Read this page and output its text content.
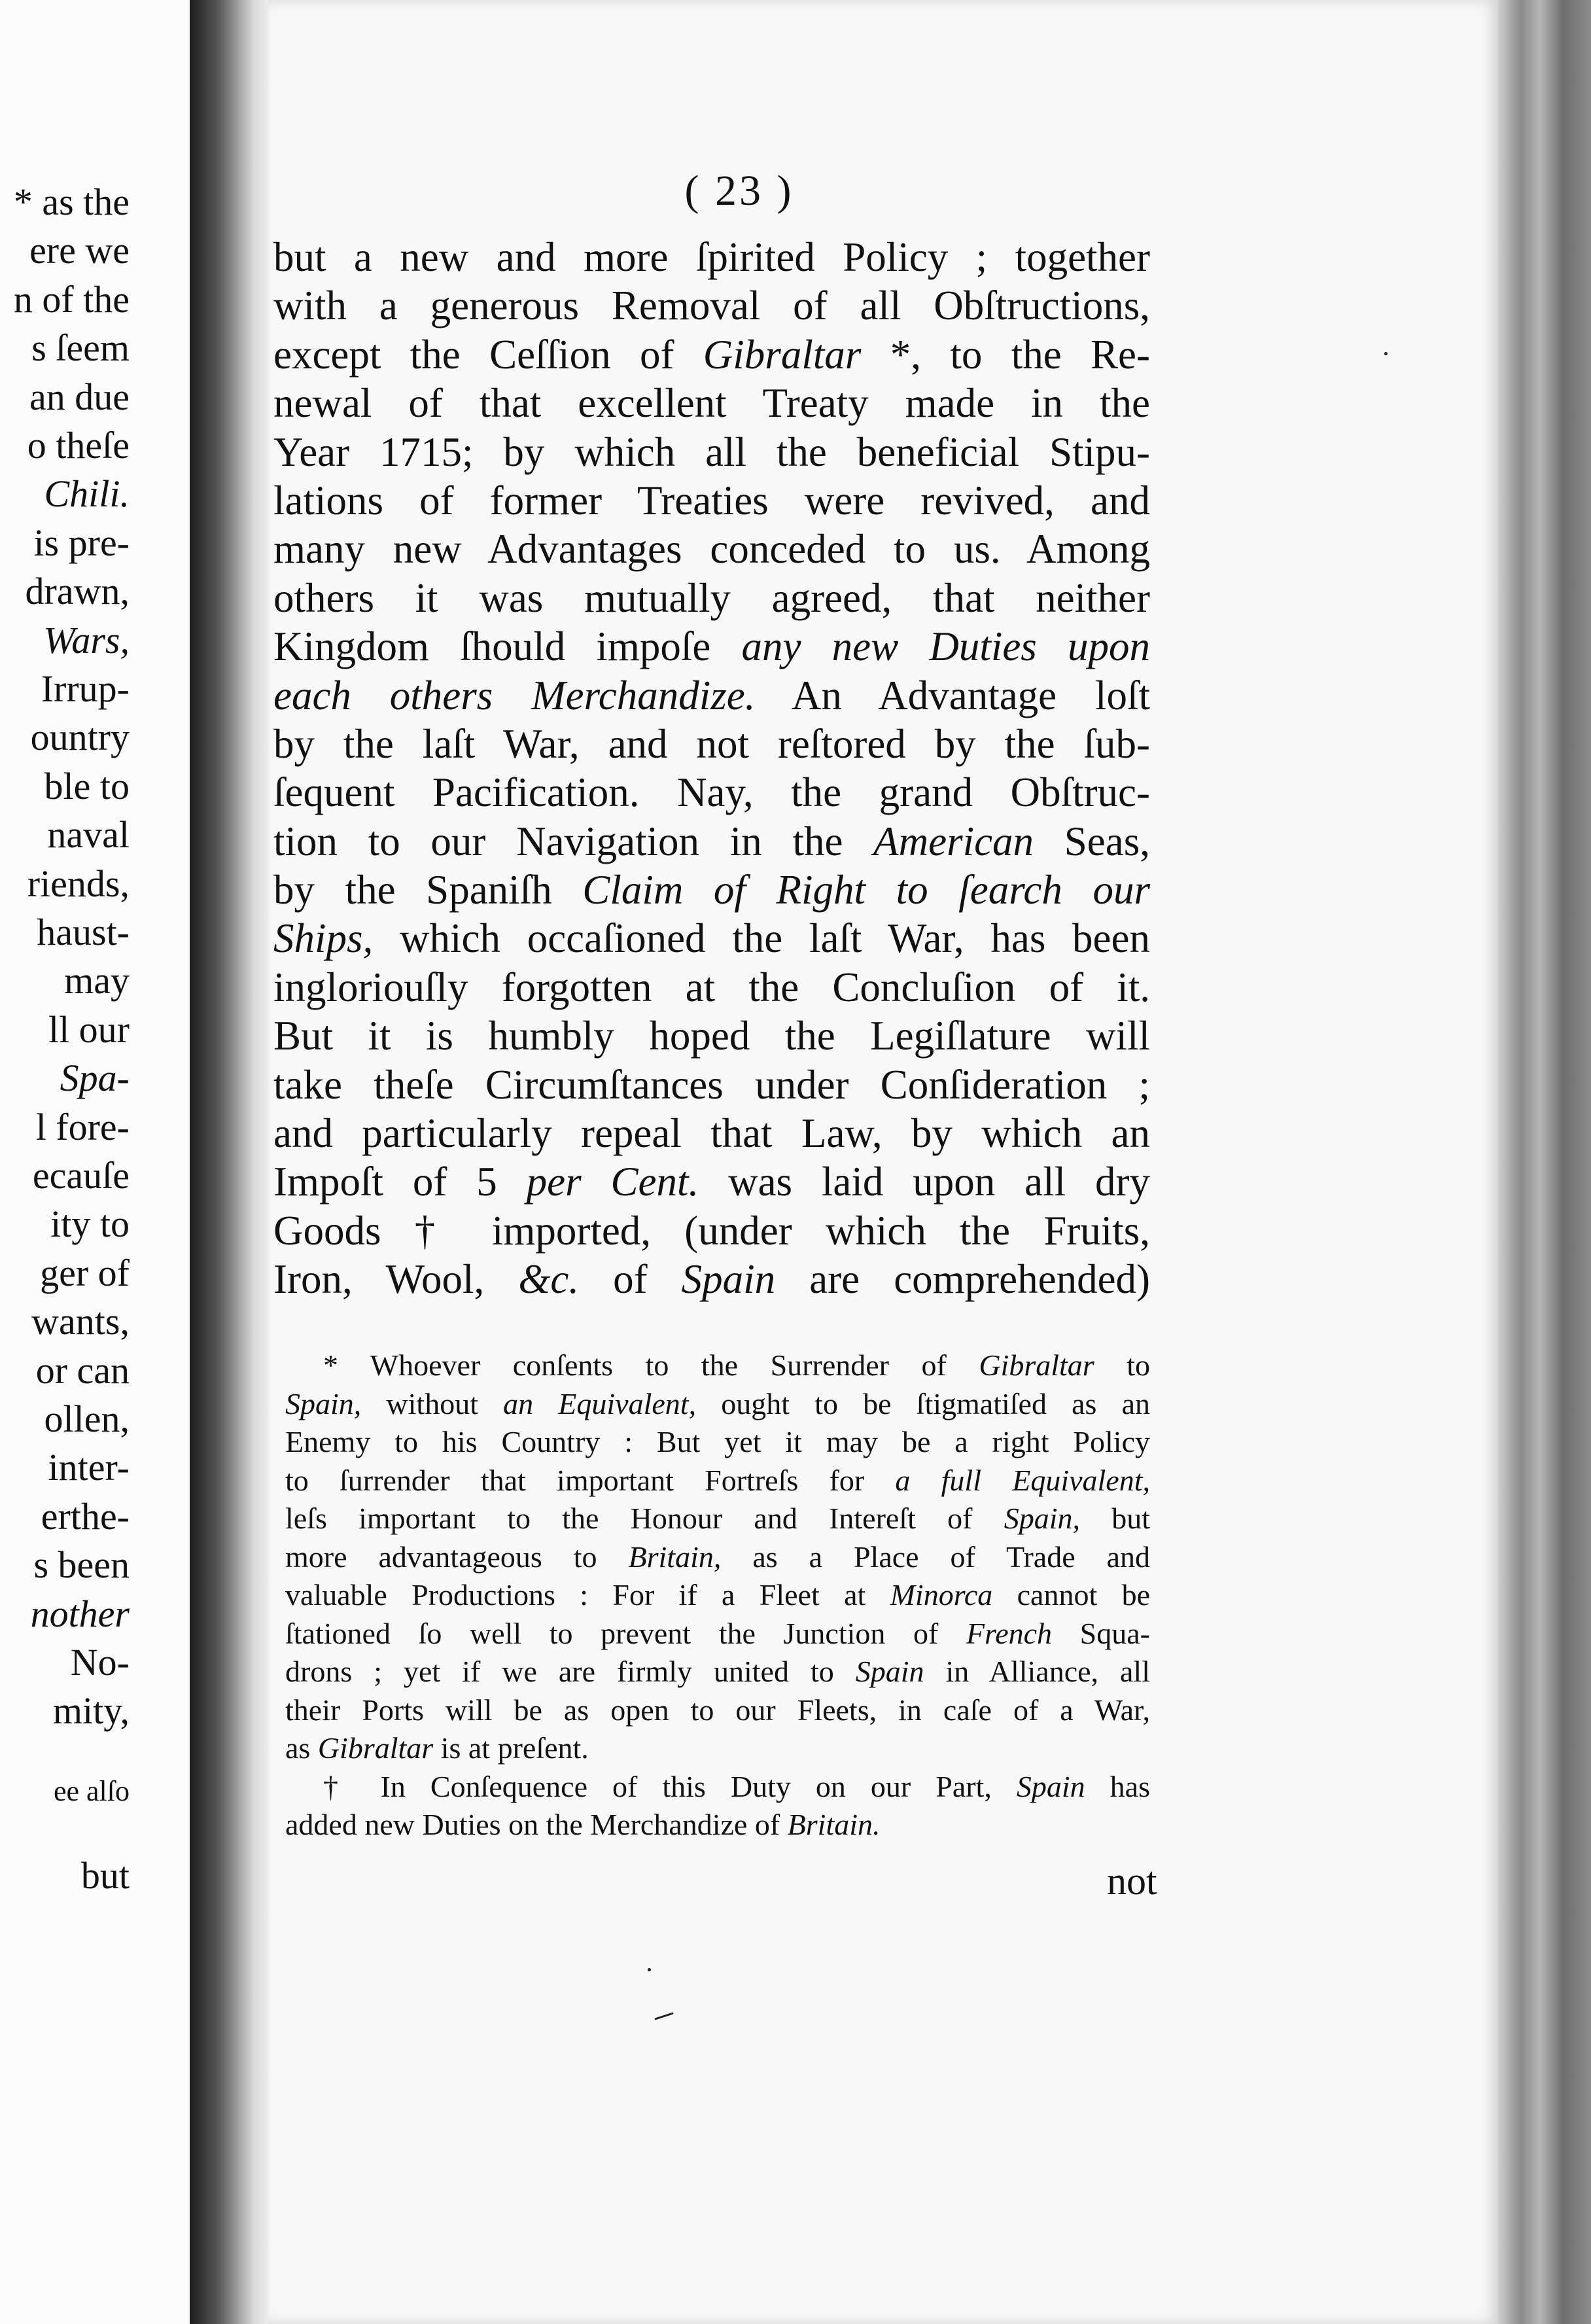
* as the
ere we
n of the
s ſeem
an due
o theſe
Chili.
is pre-
drawn,
Wars,
Irrup-
ountry
ble to
naval
riends,
haust-
may
ll our
Spa-
l fore-
ecauſe
ity to
ger of
wants,
or can
ollen,
inter-
erthe-
s been
nother
No-
mity,
ee alſo
but
( 23 )
but a new and more ſpirited Policy ; together
with a generous Removal of all Obſtructions,
except the Ceſſion of Gibraltar *, to the Re-
newal of that excellent Treaty made in the
Year 1715; by which all the beneficial Stipu-
lations of former Treaties were revived, and
many new Advantages conceded to us. Among
others it was mutually agreed, that neither
Kingdom ſhould impoſe any new Duties upon
each others Merchandize. An Advantage loſt
by the laſt War, and not reſtored by the ſub-
ſequent Pacification. Nay, the grand Obſtruc-
tion to our Navigation in the American Seas,
by the Spaniſh Claim of Right to ſearch our
Ships, which occaſioned the laſt War, has been
ingloriouſly forgotten at the Concluſion of it.
But it is humbly hoped the Legiſlature will
take theſe Circumſtances under Conſideration ;
and particularly repeal that Law, by which an
Impoſt of 5 per Cent. was laid upon all dry
Goods † imported, (under which the Fruits,
Iron, Wool, &c. of Spain are comprehended)
* Whoever conſents to the Surrender of Gibraltar to
Spain, without an Equivalent, ought to be ſtigmatiſed as an
Enemy to his Country : But yet it may be a right Policy
to ſurrender that important Fortreſs for a full Equivalent,
leſs important to the Honour and Intereſt of Spain, but
more advantageous to Britain, as a Place of Trade and
valuable Productions : For if a Fleet at Minorca cannot be
ſtationed ſo well to prevent the Junction of French Squa-
drons ; yet if we are firmly united to Spain in Alliance, all
their Ports will be as open to our Fleets, in caſe of a War,
as Gibraltar is at preſent.
† In Conſequence of this Duty on our Part, Spain has
added new Duties on the Merchandize of Britain.
not
